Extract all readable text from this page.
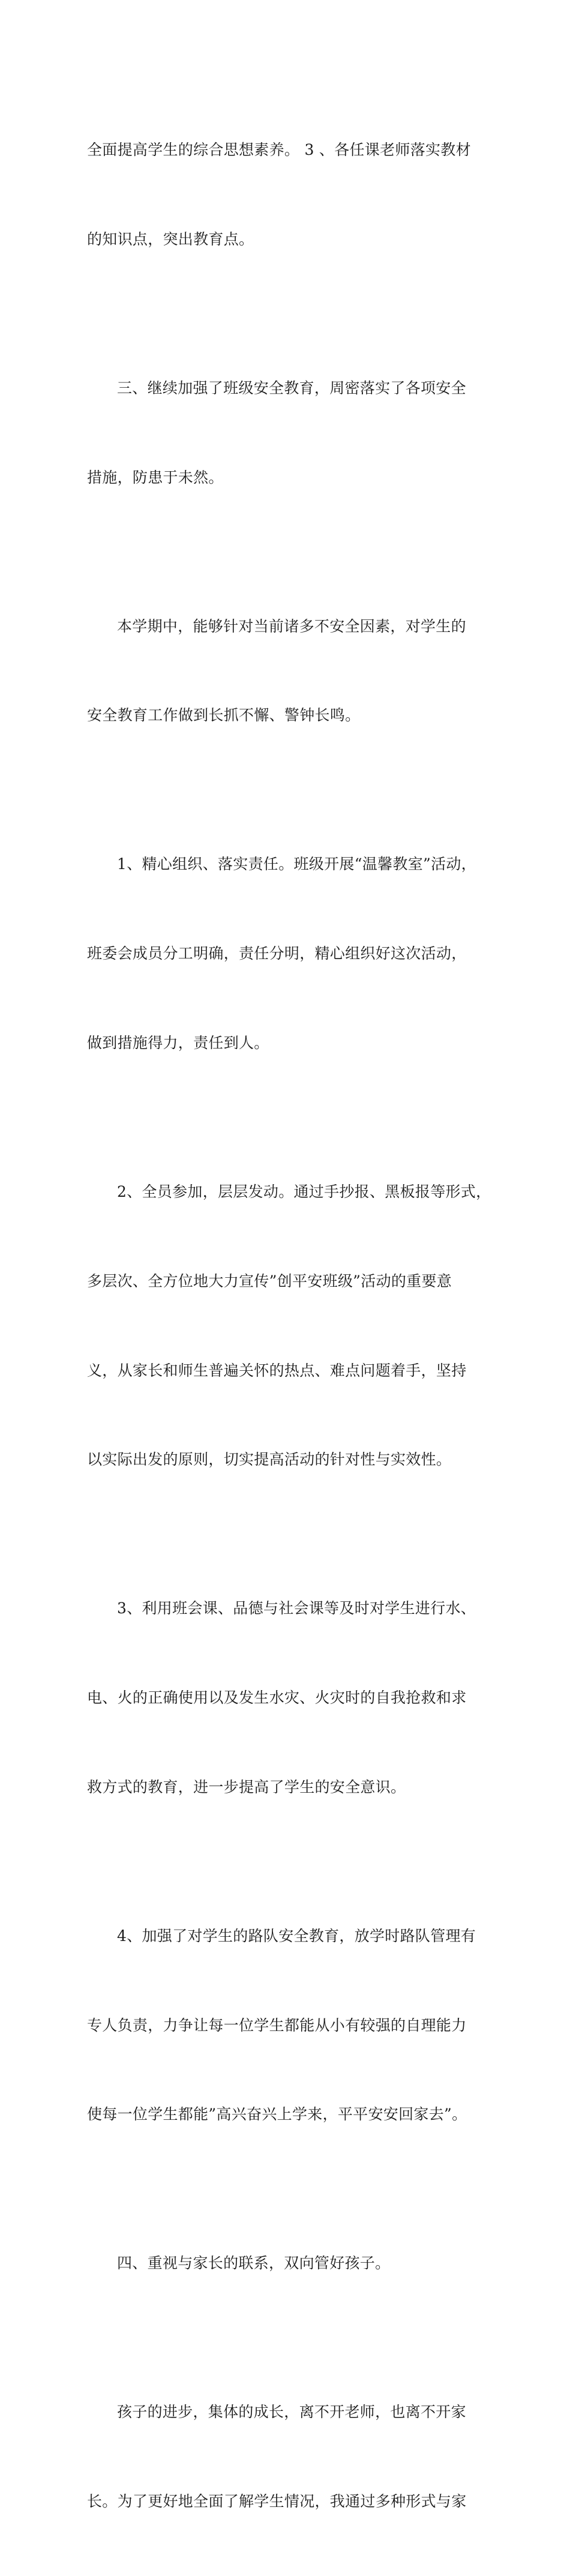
全面提高学生的综合思想素养。 3 、各任课老师落实教材

的知识点，突出教育点。

三、继续加强了班级安全教育，周密落实了各项安全

措施，防患于未然。

本学期中，能够针对当前诸多不安全因素，对学生的

安全教育工作做到长抓不懈、警钟长鸣。

1、精心组织、落实责任。班级开展“温馨教室”活动，

班委会成员分工明确，责任分明，精心组织好这次活动，

做到措施得力，责任到人。

2、全员参加，层层发动。通过手抄报、黑板报等形式，

多层次、全方位地大力宣传”创平安班级”活动的重要意

义，从家长和师生普遍关怀的热点、难点问题着手，坚持

以实际出发的原则，切实提高活动的针对性与实效性。

3、利用班会课、品德与社会课等及时对学生进行水、

电、火的正确使用以及发生水灾、火灾时的自我抢救和求

救方式的教育，进一步提高了学生的安全意识。

4、加强了对学生的路队安全教育，放学时路队管理有

专人负责，力争让每一位学生都能从小有较强的自理能力

使每一位学生都能”高兴奋兴上学来，平平安安回家去”。

四、重视与家长的联系，双向管好孩子。

孩子的进步，集体的成长，离不开老师，也离不开家

长。为了更好地全面了解学生情况，我通过多种形式与家
